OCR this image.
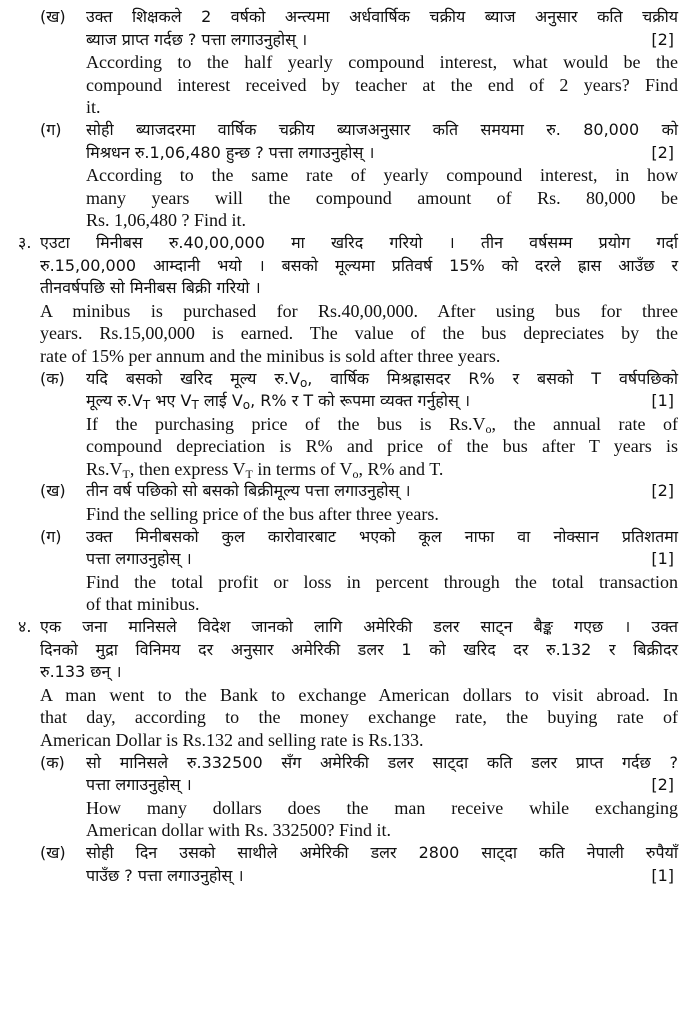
(ख) उक्त शिक्षकले 2 वर्षको अन्त्यमा अर्धवार्षिक चक्रीय ब्याज अनुसार कति चक्रीय
ब्याज प्राप्त गर्दछ ? पत्ता लगाउनुहोस् ।	[2]
According to the half yearly compound interest, what would be the
compound interest received by teacher at the end of 2 years? Find
it.
(ग) सोही ब्याजदरमा वार्षिक चक्रीय ब्याजअनुसार कति समयमा रु. 80,000 को
मिश्रधन रु.1,06,480 हुन्छ ? पत्ता लगाउनुहोस् ।	[2]
According to the same rate of yearly compound interest, in how
many years will the compound amount of Rs. 80,000 be
Rs. 1,06,480 ? Find it.
३. एउटा मिनीबस रु.40,00,000 मा खरिद गरियो । तीन वर्षसम्म प्रयोग गर्दा
रु.15,00,000 आम्दानी भयो । बसको मूल्यमा प्रतिवर्ष 15% को दरले ह्रास आउँछ र
तीनवर्षपछि सो मिनीबस बिक्री गरियो ।
A minibus is purchased for Rs.40,00,000. After using bus for three
years. Rs.15,00,000 is earned. The value of the bus depreciates by the
rate of 15% per annum and the minibus is sold after three years.
(क) यदि बसको खरिद मूल्य $रु.V_o$, वार्षिक मिश्रह्रासदर R% र बसको T वर्षपछिको
मूल्य $रु.V_T$ भए $V_T$ लाई $V_o$, R% र T को रूपमा व्यक्त गर्नुहोस् ।	[1]
If the purchasing price of the bus is $Rs.V_o$, the annual rate of
compound depreciation is R% and price of the bus after T years is
$Rs.V_T$, then express $V_T$ in terms of $V_o$, R% and T.
(ख) तीन वर्ष पछिको सो बसको बिक्रीमूल्य पत्ता लगाउनुहोस् ।	[2]
Find the selling price of the bus after three years.
(ग) उक्त मिनीबसको कुल कारोवारबाट भएको कूल नाफा वा नोक्सान प्रतिशतमा
पत्ता लगाउनुहोस् ।	[1]
Find the total profit or loss in percent through the total transaction
of that minibus.
४. एक जना मानिसले विदेश जानको लागि अमेरिकी डलर साट्न बैङ्क गएछ । उक्त
दिनको मुद्रा विनिमय दर अनुसार अमेरिकी डलर 1 को खरिद दर रु.132 र बिक्रीदर
रु.133 छन् ।
A man went to the Bank to exchange American dollars to visit abroad. In
that day, according to the money exchange rate, the buying rate of
American Dollar is Rs.132 and selling rate is Rs.133.
(क) सो मानिसले रु.332500 सँग अमेरिकी डलर साट्दा कति डलर प्राप्त गर्दछ ?
पत्ता लगाउनुहोस् ।	[2]
How many dollars does the man receive while exchanging
American dollar with Rs. 332500? Find it.
(ख) सोही दिन उसको साथीले अमेरिकी डलर 2800 साट्दा कति नेपाली रुपैयाँ
पाउँछ ? पत्ता लगाउनुहोस् ।	[1]
